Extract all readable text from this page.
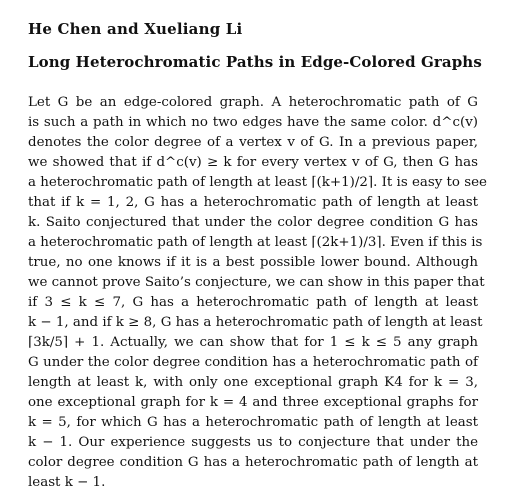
He Chen and Xueliang Li
Long Heterochromatic Paths in Edge-Colored Graphs
Let G be an edge-colored graph. A heterochromatic path of G
is such a path in which no two edges have the same color. d^c(v)
denotes the color degree of a vertex v of G. In a previous paper,
we showed that if d^c(v) ≥ k for every vertex v of G, then G has
a heterochromatic path of length at least ⌈(k+1)/2⌉. It is easy to see
that if k = 1, 2, G has a heterochromatic path of length at least
k. Saito conjectured that under the color degree condition G has
a heterochromatic path of length at least ⌈(2k+1)/3⌉. Even if this is
true, no one knows if it is a best possible lower bound. Although
we cannot prove Saito’s conjecture, we can show in this paper that
if 3 ≤ k ≤ 7, G has a heterochromatic path of length at least
k − 1, and if k ≥ 8, G has a heterochromatic path of length at least
⌈3k/5⌉ + 1. Actually, we can show that for 1 ≤ k ≤ 5 any graph
G under the color degree condition has a heterochromatic path of
length at least k, with only one exceptional graph K4 for k = 3,
one exceptional graph for k = 4 and three exceptional graphs for
k = 5, for which G has a heterochromatic path of length at least
k − 1. Our experience suggests us to conjecture that under the
color degree condition G has a heterochromatic path of length at
least k − 1.
